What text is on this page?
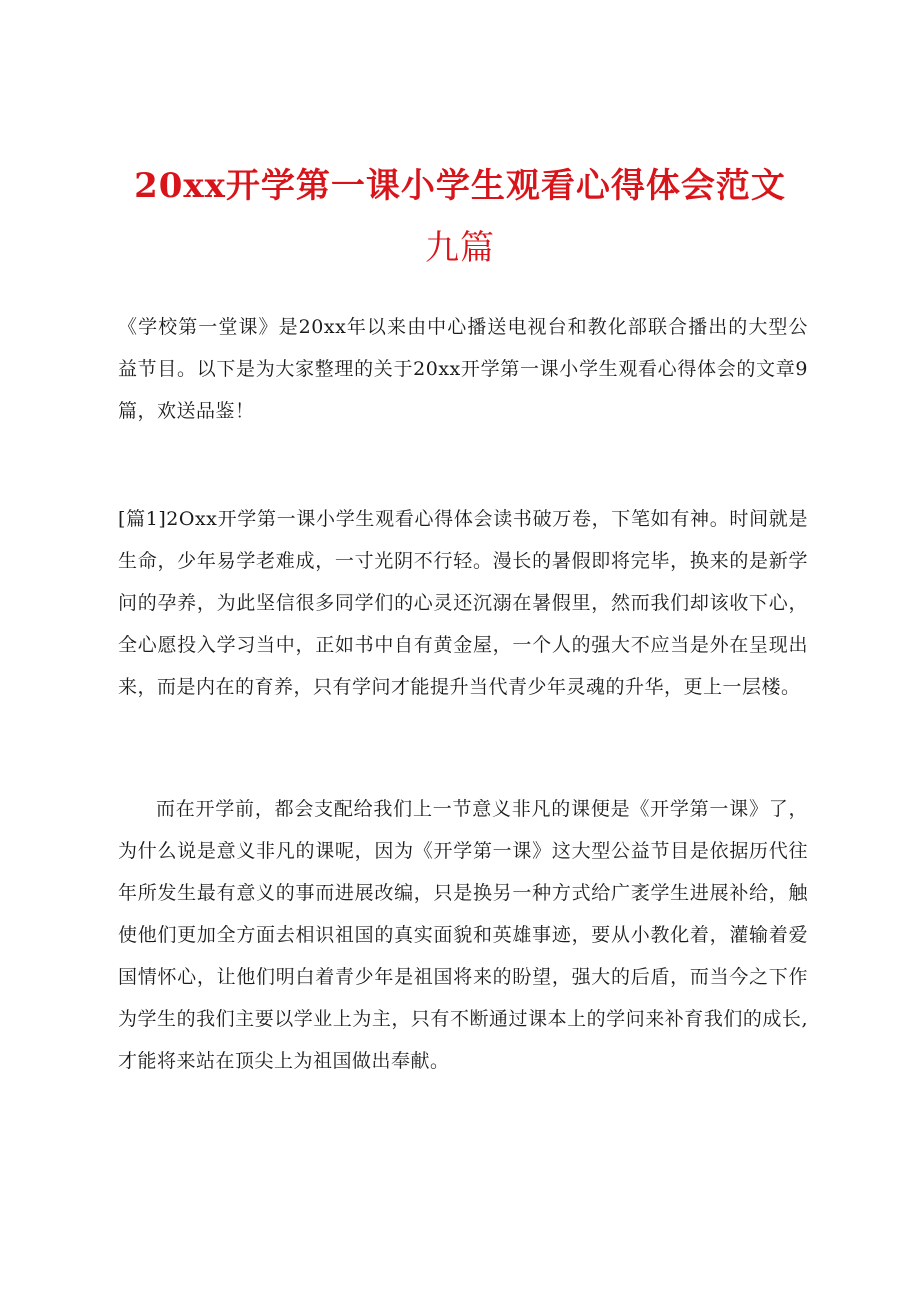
20xx开学第一课小学生观看心得体会范文
九篇

《学校第一堂课》是20xx年以来由中心播送电视台和教化部联合播出的大型公益节目。以下是为大家整理的关于20xx开学第一课小学生观看心得体会的文章9篇，欢送品鉴！

[篇1]2Oxx开学第一课小学生观看心得体会读书破万卷，下笔如有神。时间就是生命，少年易学老难成，一寸光阴不行轻。漫长的暑假即将完毕，换来的是新学问的孕养，为此坚信很多同学们的心灵还沉溺在暑假里，然而我们却该收下心，全心愿投入学习当中，正如书中自有黄金屋，一个人的强大不应当是外在呈现出来，而是内在的育养，只有学问才能提升当代青少年灵魂的升华，更上一层楼。

而在开学前，都会支配给我们上一节意义非凡的课便是《开学第一课》了，为什么说是意义非凡的课呢，因为《开学第一课》这大型公益节目是依据历代往年所发生最有意义的事而进展改编，只是换另一种方式给广袤学生进展补给，触使他们更加全方面去相识祖国的真实面貌和英雄事迹，要从小教化着，灌输着爱国情怀心，让他们明白着青少年是祖国将来的盼望，强大的后盾，而当今之下作为学生的我们主要以学业上为主，只有不断通过课本上的学问来补育我们的成长,才能将来站在顶尖上为祖国做出奉献。
